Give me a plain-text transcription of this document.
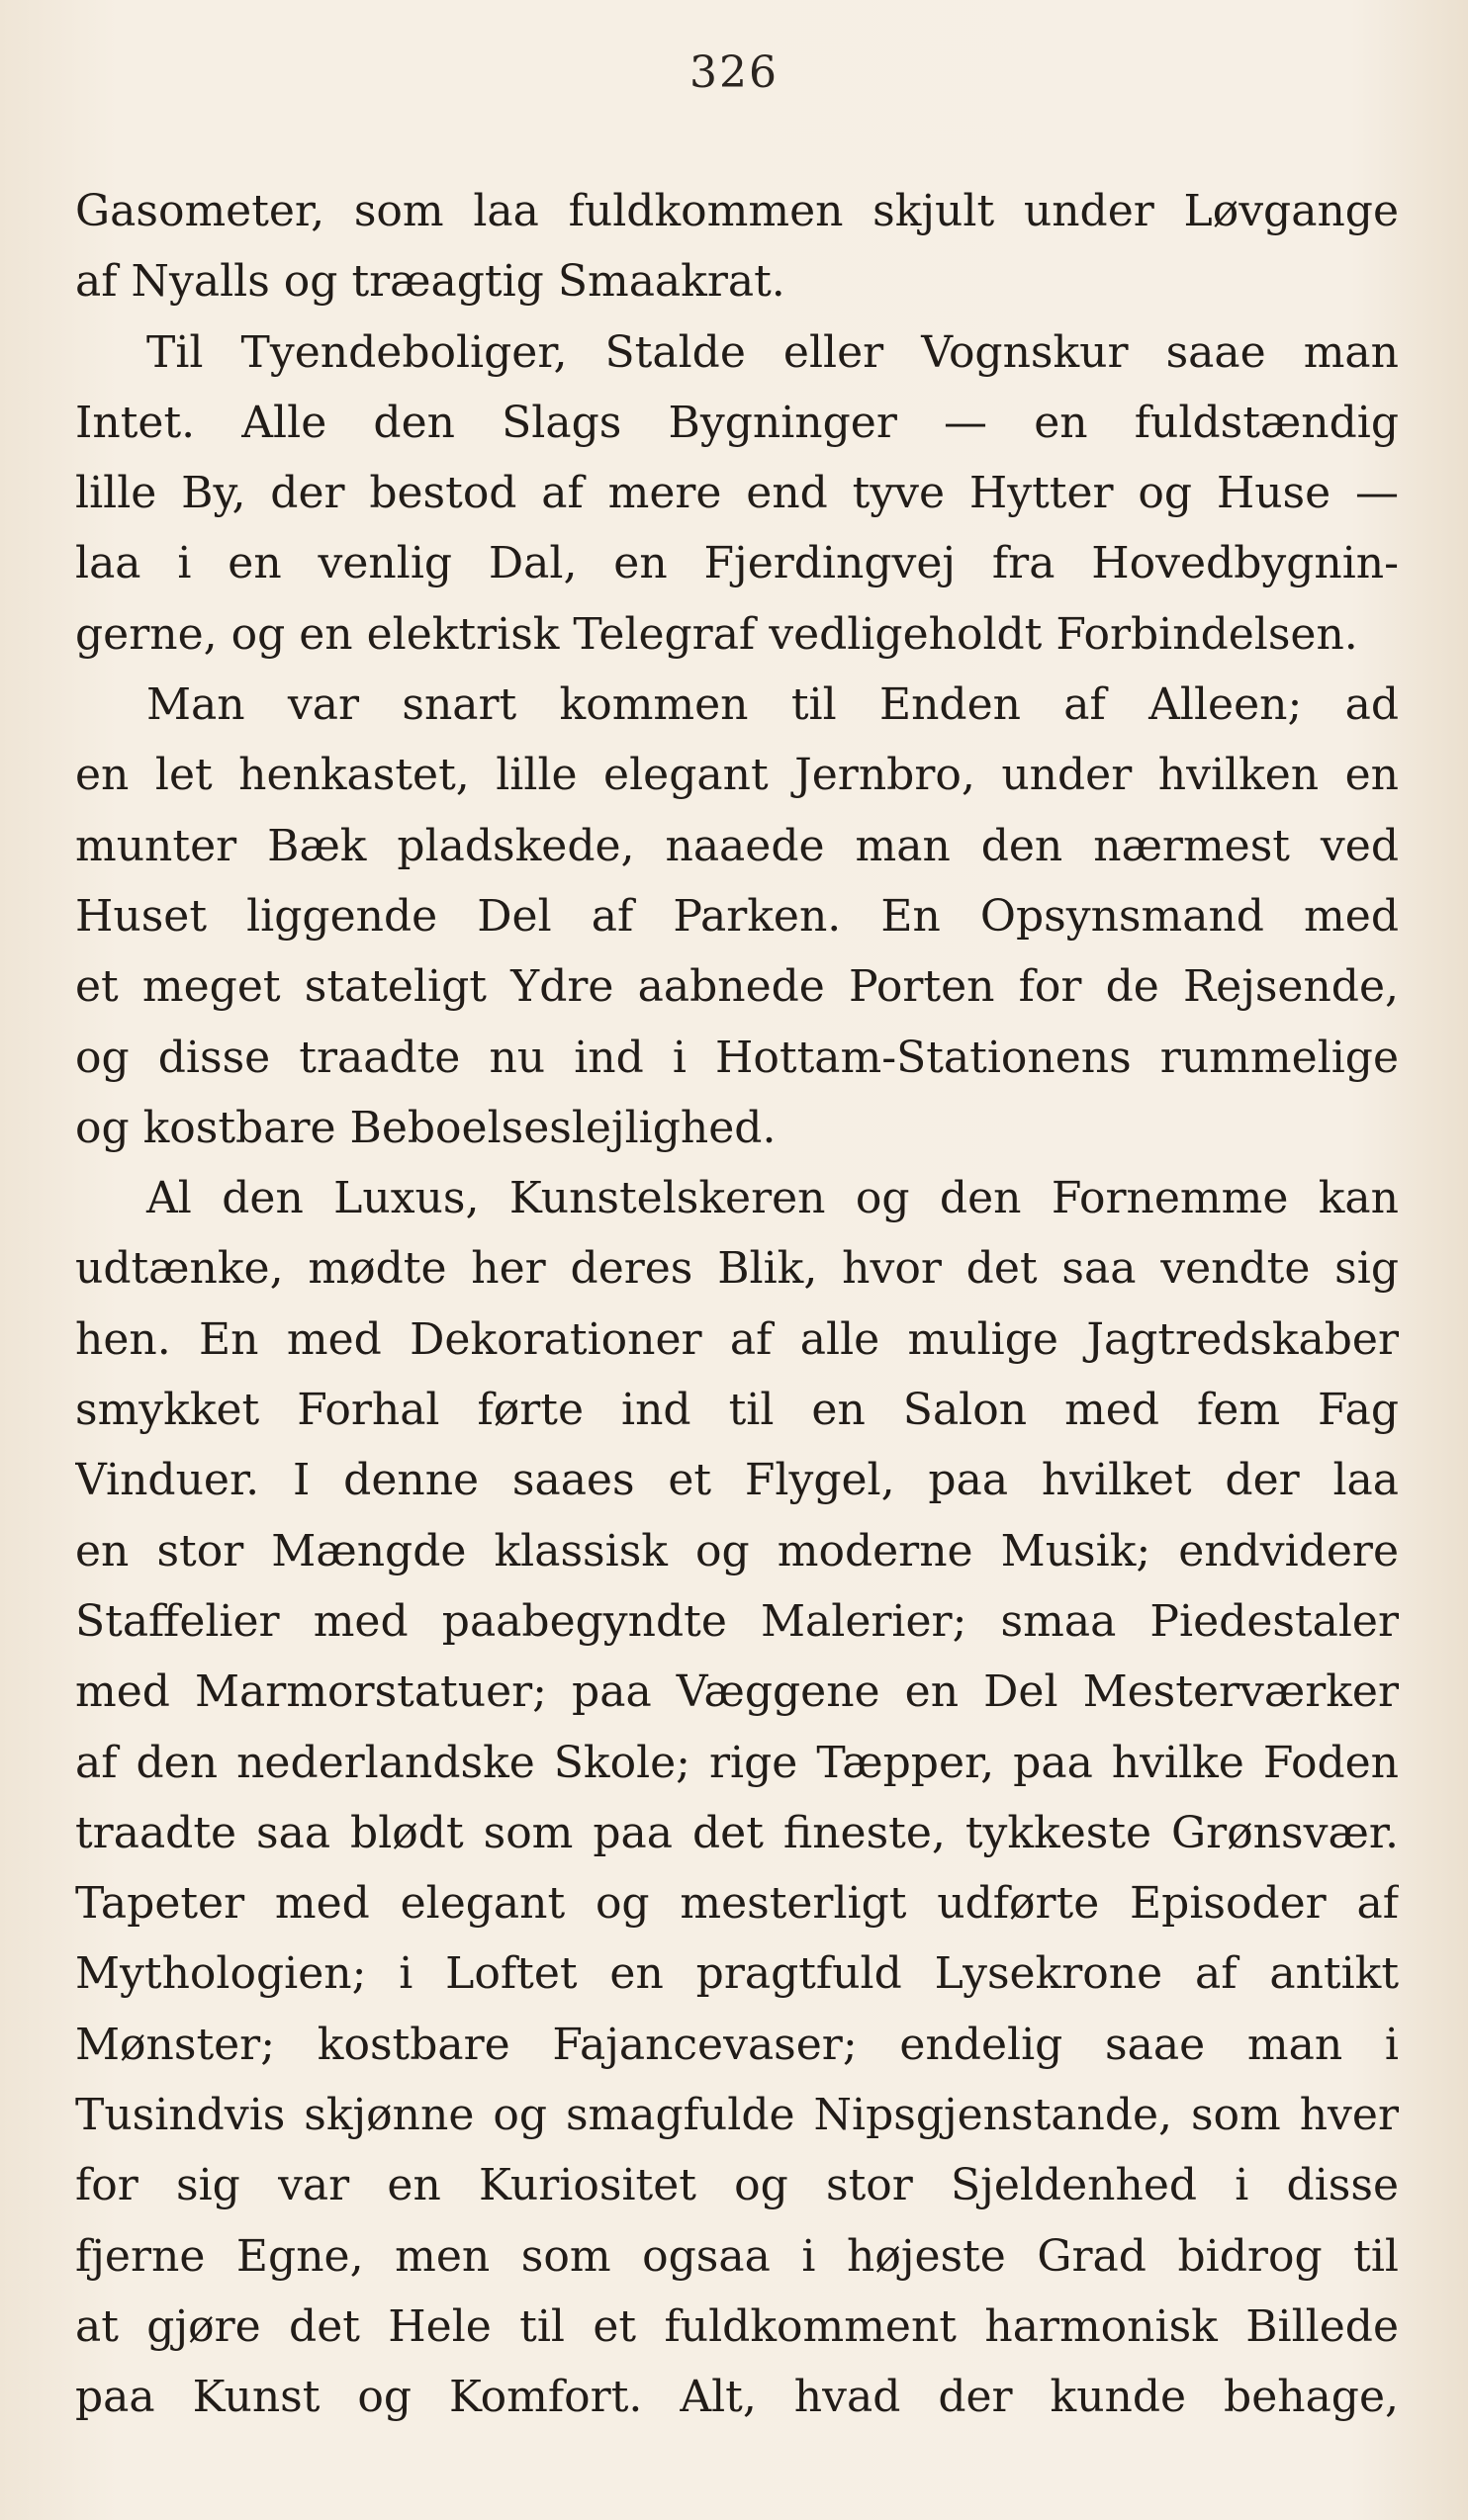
326
Gasometer, som laa fuldkommen skjult under Løvgange
af Nyalls og træagtig Smaakrat.
Til Tyendeboliger, Stalde eller Vognskur saae man
Intet. Alle den Slags Bygninger — en fuldstændig
lille By, der bestod af mere end tyve Hytter og Huse —
laa i en venlig Dal, en Fjerdingvej fra Hovedbygnin-
gerne, og en elektrisk Telegraf vedligeholdt Forbindelsen.
Man var snart kommen til Enden af Alleen; ad
en let henkastet, lille elegant Jernbro, under hvilken en
munter Bæk pladskede, naaede man den nærmest ved
Huset liggende Del af Parken. En Opsynsmand med
et meget stateligt Ydre aabnede Porten for de Rejsende,
og disse traadte nu ind i Hottam-Stationens rummelige
og kostbare Beboelseslejlighed.
Al den Luxus, Kunstelskeren og den Fornemme kan
udtænke, mødte her deres Blik, hvor det saa vendte sig
hen. En med Dekorationer af alle mulige Jagtredskaber
smykket Forhal førte ind til en Salon med fem Fag
Vinduer. I denne saaes et Flygel, paa hvilket der laa
en stor Mængde klassisk og moderne Musik; endvidere
Staffelier med paabegyndte Malerier; smaa Piedestaler
med Marmorstatuer; paa Væggene en Del Mesterværker
af den nederlandske Skole; rige Tæpper, paa hvilke Foden
traadte saa blødt som paa det fineste, tykkeste Grønsvær.
Tapeter med elegant og mesterligt udførte Episoder af
Mythologien; i Loftet en pragtfuld Lysekrone af antikt
Mønster; kostbare Fajancevaser; endelig saae man i
Tusindvis skjønne og smagfulde Nipsgjenstande, som hver
for sig var en Kuriositet og stor Sjeldenhed i disse
fjerne Egne, men som ogsaa i højeste Grad bidrog til
at gjøre det Hele til et fuldkomment harmonisk Billede
paa Kunst og Komfort. Alt, hvad der kunde behage,
